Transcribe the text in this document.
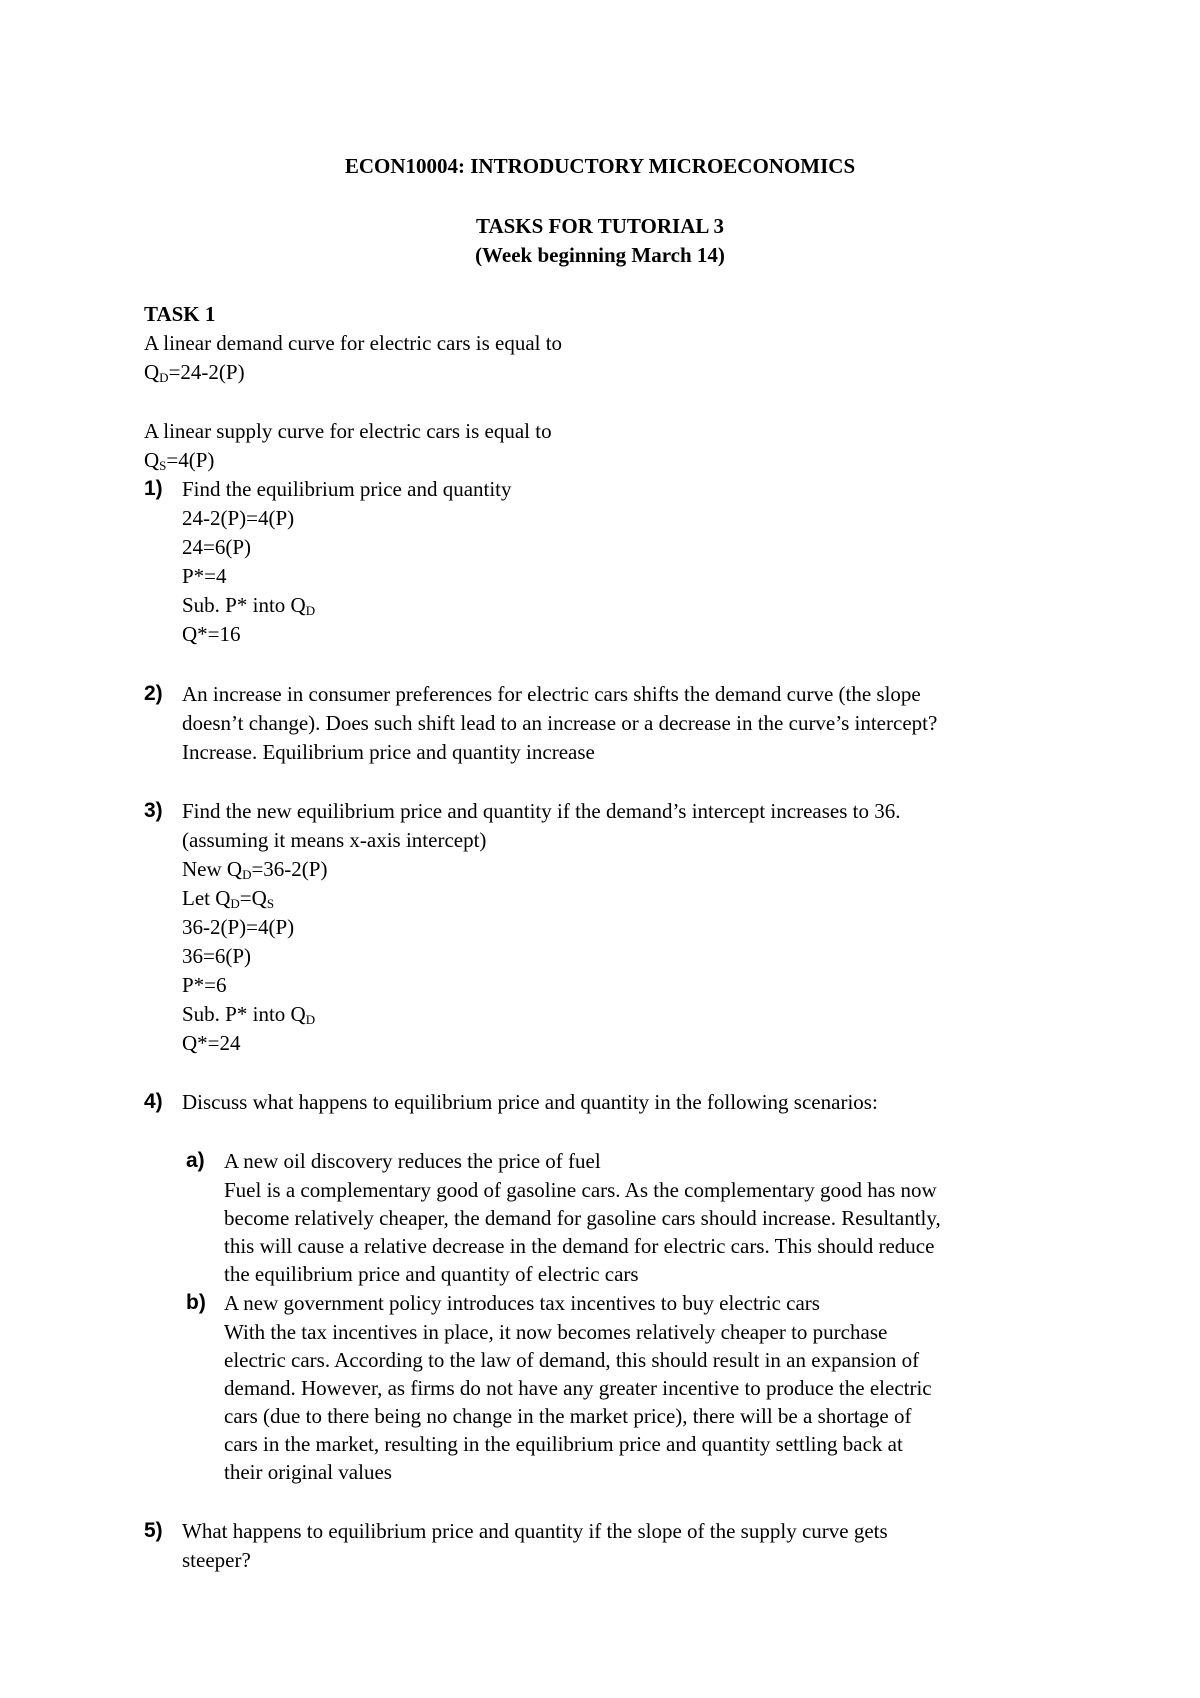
ECON10004: INTRODUCTORY MICROECONOMICS
TASKS FOR TUTORIAL 3
(Week beginning March 14)
TASK 1
A linear demand curve for electric cars is equal to
$Q_D=24-2(P)$
A linear supply curve for electric cars is equal to
$Q_S=4(P)$
1) Find the equilibrium price and quantity
24-2(P)=4(P)
24=6(P)
P*=4
Sub. P* into $Q_D$
Q*=16
2) An increase in consumer preferences for electric cars shifts the demand curve (the slope
doesn’t change). Does such shift lead to an increase or a decrease in the curve’s intercept?
Increase. Equilibrium price and quantity increase
3) Find the new equilibrium price and quantity if the demand’s intercept increases to 36.
(assuming it means x-axis intercept)
New $Q_D=36-2(P)$
Let $Q_D=Q_S$
36-2(P)=4(P)
36=6(P)
P*=6
Sub. P* into $Q_D$
Q*=24
4) Discuss what happens to equilibrium price and quantity in the following scenarios:
a) A new oil discovery reduces the price of fuel
Fuel is a complementary good of gasoline cars. As the complementary good has now
become relatively cheaper, the demand for gasoline cars should increase. Resultantly,
this will cause a relative decrease in the demand for electric cars. This should reduce
the equilibrium price and quantity of electric cars
b) A new government policy introduces tax incentives to buy electric cars
With the tax incentives in place, it now becomes relatively cheaper to purchase
electric cars. According to the law of demand, this should result in an expansion of
demand. However, as firms do not have any greater incentive to produce the electric
cars (due to there being no change in the market price), there will be a shortage of
cars in the market, resulting in the equilibrium price and quantity settling back at
their original values
5) What happens to equilibrium price and quantity if the slope of the supply curve gets
steeper?
